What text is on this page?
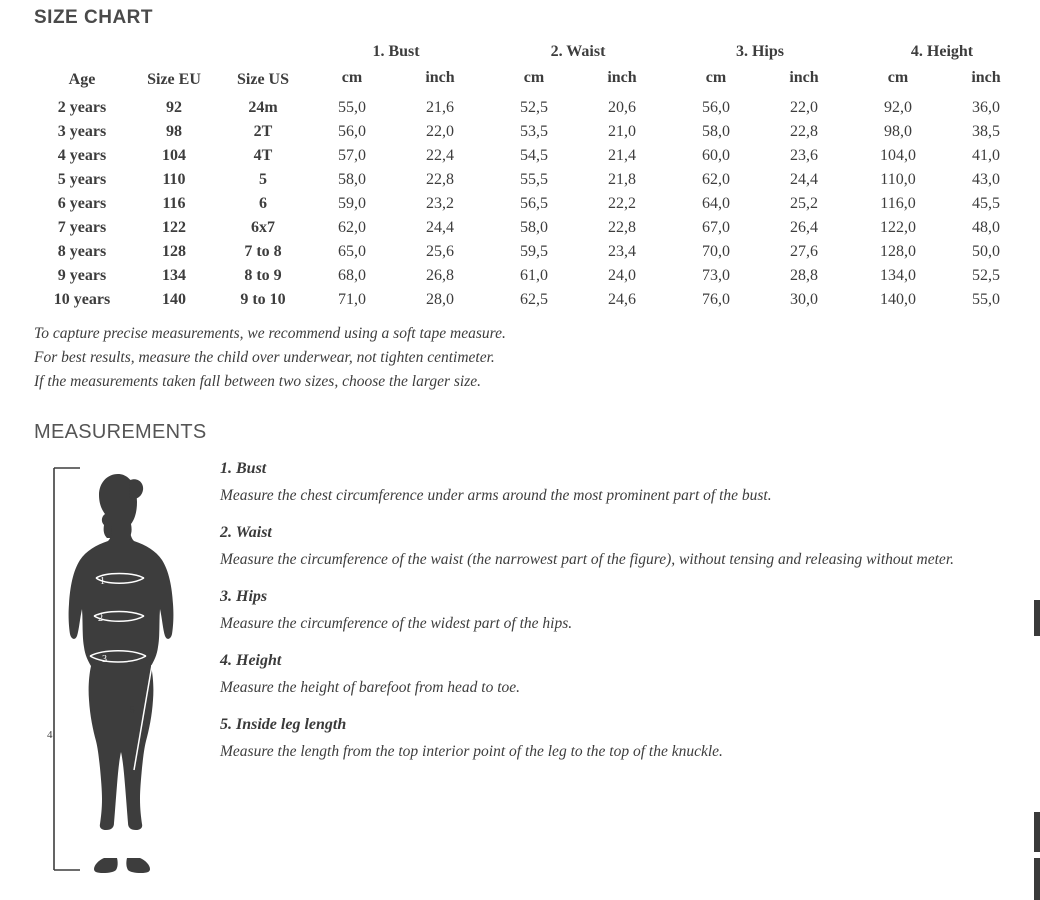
SIZE CHART
			1. Bust			2. Waist			3. Hips			4. Height	
Age	Size EU	Size US	cm	inch		cm	inch		cm	inch		cm	inch
2 years	92	24m	55,0	21,6		52,5	20,6		56,0	22,0		92,0	36,0
3 years	98	2T	56,0	22,0		53,5	21,0		58,0	22,8		98,0	38,5
4 years	104	4T	57,0	22,4		54,5	21,4		60,0	23,6		104,0	41,0
5 years	110	5	58,0	22,8		55,5	21,8		62,0	24,4		110,0	43,0
6 years	116	6	59,0	23,2		56,5	22,2		64,0	25,2		116,0	45,5
7 years	122	6x7	62,0	24,4		58,0	22,8		67,0	26,4		122,0	48,0
8 years	128	7 to 8	65,0	25,6		59,5	23,4		70,0	27,6		128,0	50,0
9 years	134	8 to 9	68,0	26,8		61,0	24,0		73,0	28,8		134,0	52,5
10 years	140	9 to 10	71,0	28,0		62,5	24,6		76,0	30,0		140,0	55,0
To capture precise measurements, we recommend using a soft tape measure.
For best results, measure the child over underwear, not tighten centimeter.
If the measurements taken fall between two sizes, choose the larger size.
MEASUREMENTS
4
1
2
3
5
1. Bust
Measure the chest circumference under arms around the most prominent part of the bust.
2. Waist
Measure the circumference of the waist (the narrowest part of the figure), without tensing and releasing without meter.
3. Hips
Measure the circumference of the widest part of the hips.
4. Height
Measure the height of barefoot from head to toe.
5. Inside leg length
Measure the length from the top interior point of the leg to the top of the knuckle.
